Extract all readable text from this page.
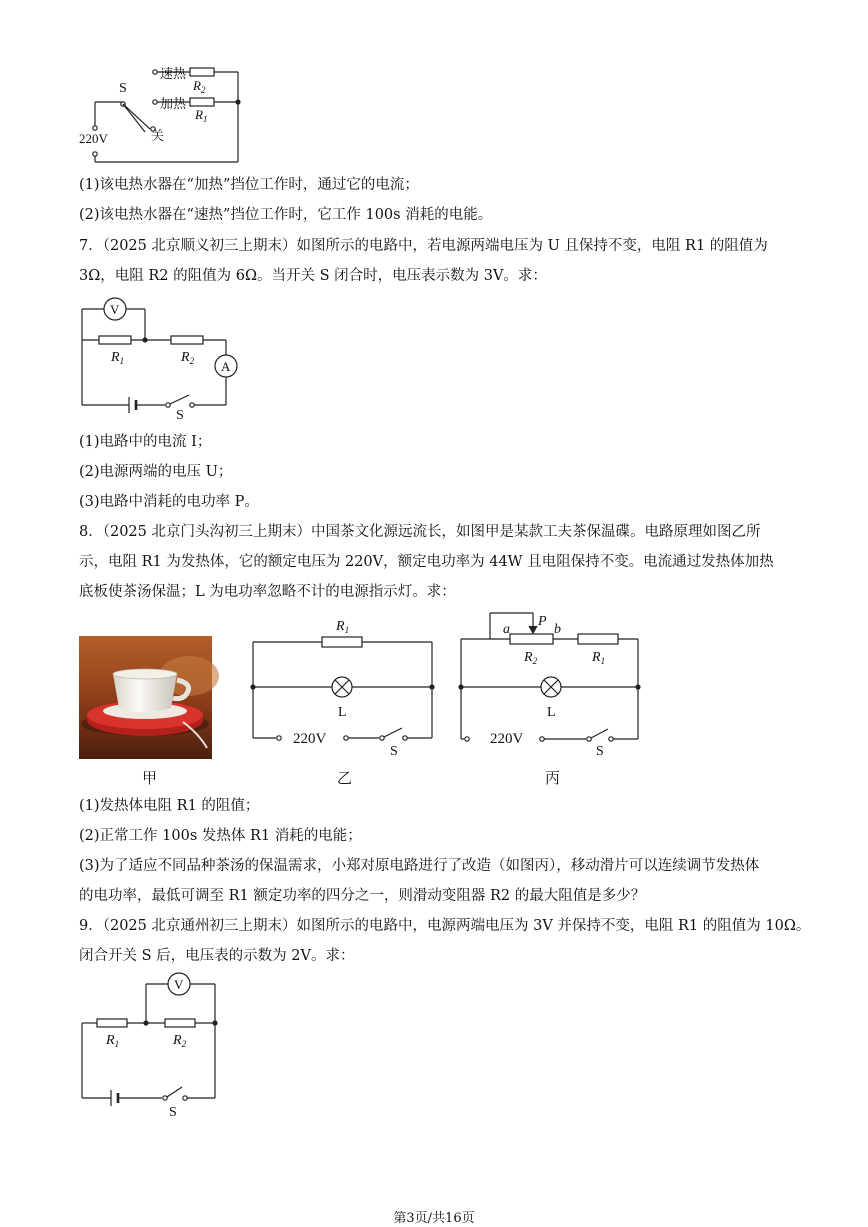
S
速热
加热
关
220V
$R_2$
$R_1$
(1)该电热水器在“加热”挡位工作时，通过它的电流；
(2)该电热水器在“速热”挡位工作时，它工作 100s 消耗的电能。
7．（2025 北京顺义初三上期末）如图所示的电路中，若电源两端电压为 U 且保持不变，电阻 R1 的阻值为
3Ω，电阻 R2 的阻值为 6Ω。当开关 S 闭合时，电压表示数为 3V。求：
V
A
$R_1$	$R_2$
S
(1)电路中的电流 I；
(2)电源两端的电压 U；
(3)电路中消耗的电功率 P。
8．（2025 北京门头沟初三上期末）中国茶文化源远流长，如图甲是某款工夫茶保温碟。电路原理如图乙所
示，电阻 R1 为发热体，它的额定电压为 220V，额定电功率为 44W 且电阻保持不变。电流通过发热体加热
底板使茶汤保温；L 为电功率忽略不计的电源指示灯。求：
甲
$R_1$
L
220V
S
乙
a
P
b
$R_2$	$R_1$
L
220V
S
丙
(1)发热体电阻 R1 的阻值；
(2)正常工作 100s 发热体 R1 消耗的电能；
(3)为了适应不同品种茶汤的保温需求，小郑对原电路进行了改造（如图丙），移动滑片可以连续调节发热体
的电功率，最低可调至 R1 额定功率的四分之一，则滑动变阻器 R2 的最大阻值是多少？
9．（2025 北京通州初三上期末）如图所示的电路中，电源两端电压为 3V 并保持不变，电阻 R1 的阻值为 10Ω。
闭合开关 S 后，电压表的示数为 2V。求：
V
$R_1$	$R_2$
S
第3页/共16页
